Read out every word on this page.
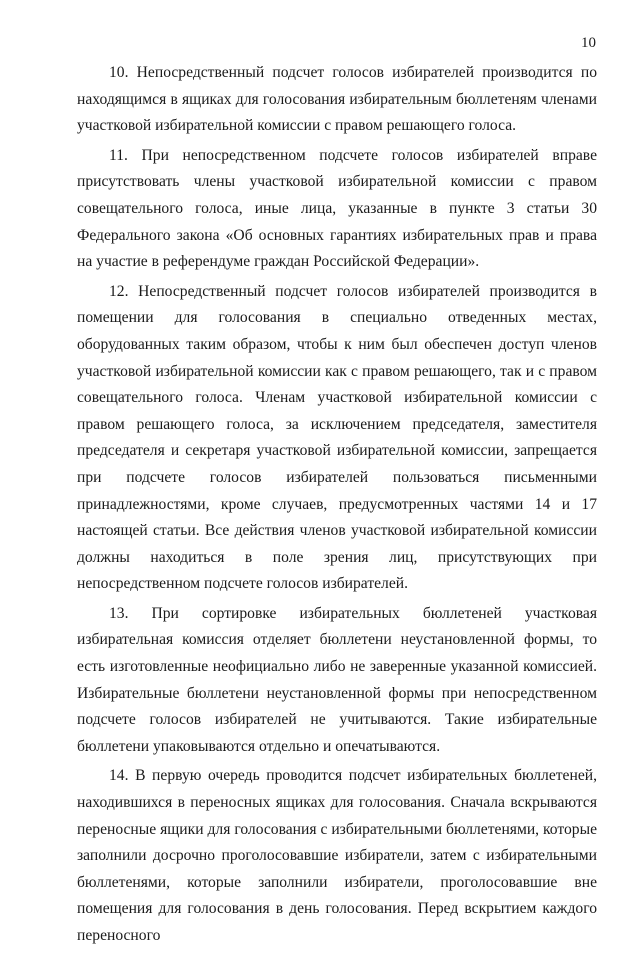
10

10. Непосредственный подсчет голосов избирателей производится по находящимся в ящиках для голосования избирательным бюллетеням членами участковой избирательной комиссии с правом решающего голоса.

11. При непосредственном подсчете голосов избирателей вправе присутствовать члены участковой избирательной комиссии с правом совещательного голоса, иные лица, указанные в пункте 3 статьи 30 Федерального закона «Об основных гарантиях избирательных прав и права на участие в референдуме граждан Российской Федерации».

12. Непосредственный подсчет голосов избирателей производится в помещении для голосования в специально отведенных местах, оборудованных таким образом, чтобы к ним был обеспечен доступ членов участковой избирательной комиссии как с правом решающего, так и с правом совещательного голоса. Членам участковой избирательной комиссии с правом решающего голоса, за исключением председателя, заместителя председателя и секретаря участковой избирательной комиссии, запрещается при подсчете голосов избирателей пользоваться письменными принадлежностями, кроме случаев, предусмотренных частями 14 и 17 настоящей статьи. Все действия членов участковой избирательной комиссии должны находиться в поле зрения лиц, присутствующих при непосредственном подсчете голосов избирателей.

13. При сортировке избирательных бюллетеней участковая избирательная комиссия отделяет бюллетени неустановленной формы, то есть изготовленные неофициально либо не заверенные указанной комиссией. Избирательные бюллетени неустановленной формы при непосредственном подсчете голосов избирателей не учитываются. Такие избирательные бюллетени упаковываются отдельно и опечатываются.

14. В первую очередь проводится подсчет избирательных бюллетеней, находившихся в переносных ящиках для голосования. Сначала вскрываются переносные ящики для голосования с избирательными бюллетенями, которые заполнили досрочно проголосовавшие избиратели, затем с избирательными бюллетенями, которые заполнили избиратели, проголосовавшие вне помещения для голосования в день голосования. Перед вскрытием каждого переносного
